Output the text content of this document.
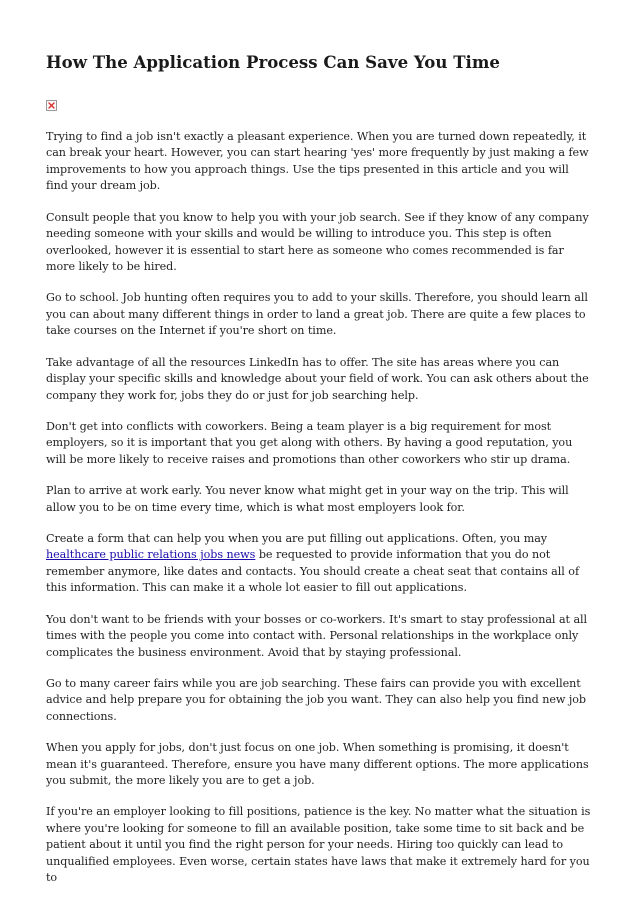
How The Application Process Can Save You Time

Trying to find a job isn't exactly a pleasant experience. When you are turned down repeatedly, it can break your heart. However, you can start hearing 'yes' more frequently by just making a few improvements to how you approach things. Use the tips presented in this article and you will find your dream job.

Consult people that you know to help you with your job search. See if they know of any company needing someone with your skills and would be willing to introduce you. This step is often overlooked, however it is essential to start here as someone who comes recommended is far more likely to be hired.

Go to school. Job hunting often requires you to add to your skills. Therefore, you should learn all you can about many different things in order to land a great job. There are quite a few places to take courses on the Internet if you're short on time.

Take advantage of all the resources LinkedIn has to offer. The site has areas where you can display your specific skills and knowledge about your field of work. You can ask others about the company they work for, jobs they do or just for job searching help.

Don't get into conflicts with coworkers. Being a team player is a big requirement for most employers, so it is important that you get along with others. By having a good reputation, you will be more likely to receive raises and promotions than other coworkers who stir up drama.

Plan to arrive at work early. You never know what might get in your way on the trip. This will allow you to be on time every time, which is what most employers look for.

Create a form that can help you when you are put filling out applications. Often, you may healthcare public relations jobs news be requested to provide information that you do not remember anymore, like dates and contacts. You should create a cheat seat that contains all of this information. This can make it a whole lot easier to fill out applications.

You don't want to be friends with your bosses or co-workers. It's smart to stay professional at all times with the people you come into contact with. Personal relationships in the workplace only complicates the business environment. Avoid that by staying professional.

Go to many career fairs while you are job searching. These fairs can provide you with excellent advice and help prepare you for obtaining the job you want. They can also help you find new job connections.

When you apply for jobs, don't just focus on one job. When something is promising, it doesn't mean it's guaranteed. Therefore, ensure you have many different options. The more applications you submit, the more likely you are to get a job.

If you're an employer looking to fill positions, patience is the key. No matter what the situation is where you're looking for someone to fill an available position, take some time to sit back and be patient about it until you find the right person for your needs. Hiring too quickly can lead to unqualified employees. Even worse, certain states have laws that make it extremely hard for you to
